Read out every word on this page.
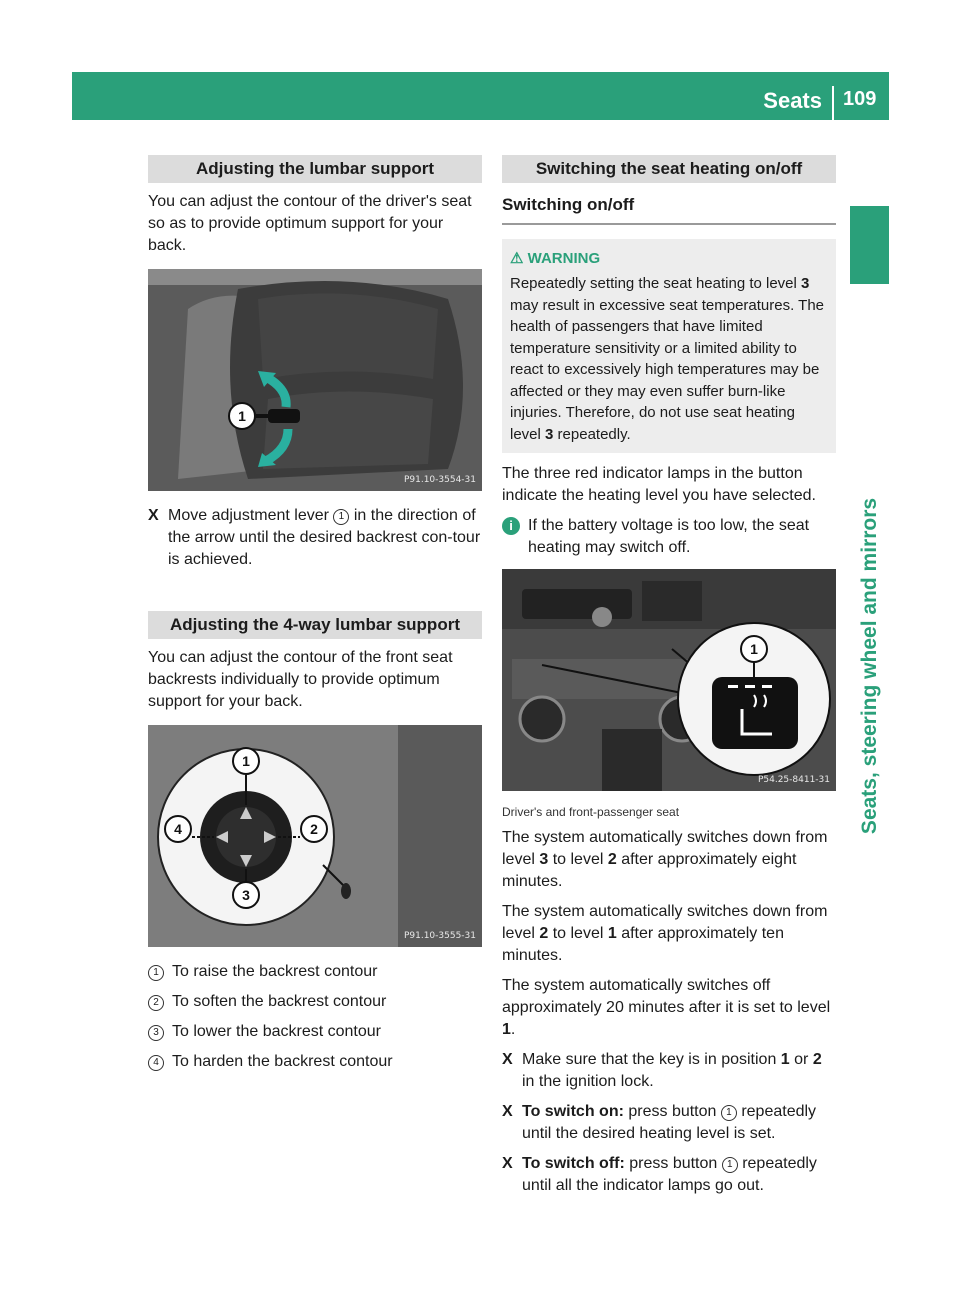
Seats 109
Seats, steering wheel and mirrors
Adjusting the lumbar support

You can adjust the contour of the driver's seat so as to provide optimum support for your back.

1
P91.10-3554-31
X Move adjustment lever 1 in the direction of the arrow until the desired backrest con-tour is achieved.
Adjusting the 4-way lumbar support

You can adjust the contour of the front seat backrests individually to provide optimum support for your back.

1
2
3
4
P91.10-3555-31
1 To raise the backrest contour
2 To soften the backrest contour
3 To lower the backrest contour
4 To harden the backrest contour
Switching the seat heating on/off
Switching on/off
⚠ WARNING

Repeatedly setting the seat heating to level 3 may result in excessive seat temperatures. The health of passengers that have limited temperature sensitivity or a limited ability to react to excessively high temperatures may be affected or they may even suffer burn-like injuries. Therefore, do not use seat heating level 3 repeatedly.

The three red indicator lamps in the button indicate the heating level you have selected.

i If the battery voltage is too low, the seat heating may switch off.
1
P54.25-8411-31
Driver's and front-passenger seat

The system automatically switches down from level 3 to level 2 after approximately eight minutes.

The system automatically switches down from level 2 to level 1 after approximately ten minutes.

The system automatically switches off approximately 20 minutes after it is set to level 1.

X Make sure that the key is in position 1 or 2 in the ignition lock.
X To switch on: press button 1 repeatedly until the desired heating level is set.
X To switch off: press button 1 repeatedly until all the indicator lamps go out.
